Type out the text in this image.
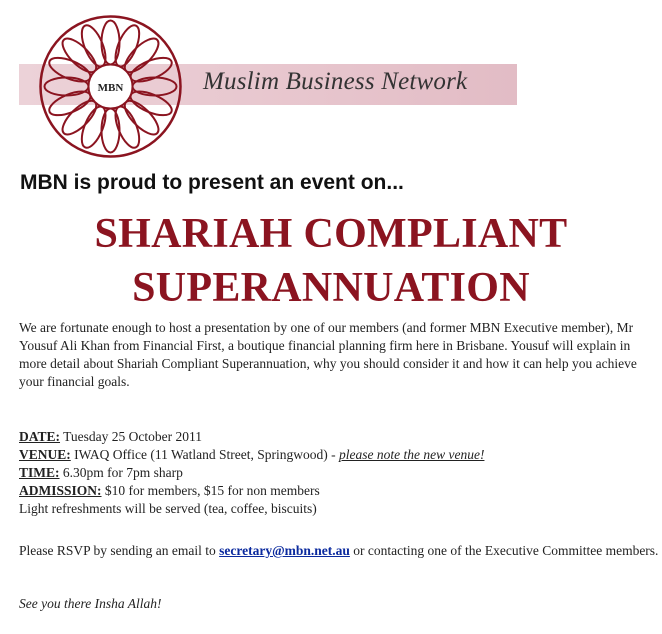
Muslim Business Network
MBN
MBN is proud to present an event on...
SHARIAH COMPLIANT
SUPERANNUATION
We are fortunate enough to host a presentation by one of our members (and former MBN Executive member), Mr Yousuf Ali Khan from Financial First, a boutique financial planning firm here in Brisbane. Yousuf will explain in more detail about Shariah Compliant Superannuation, why you should consider it and how it can help you achieve your financial goals.
DATE: Tuesday 25 October 2011
VENUE: IWAQ Office (11 Watland Street, Springwood) - please note the new venue!
TIME: 6.30pm for 7pm sharp
ADMISSION: $10 for members, $15 for non members
Light refreshments will be served (tea, coffee, biscuits)
Please RSVP by sending an email to secretary@mbn.net.au or contacting one of the Executive Committee members.
See you there Insha Allah!
